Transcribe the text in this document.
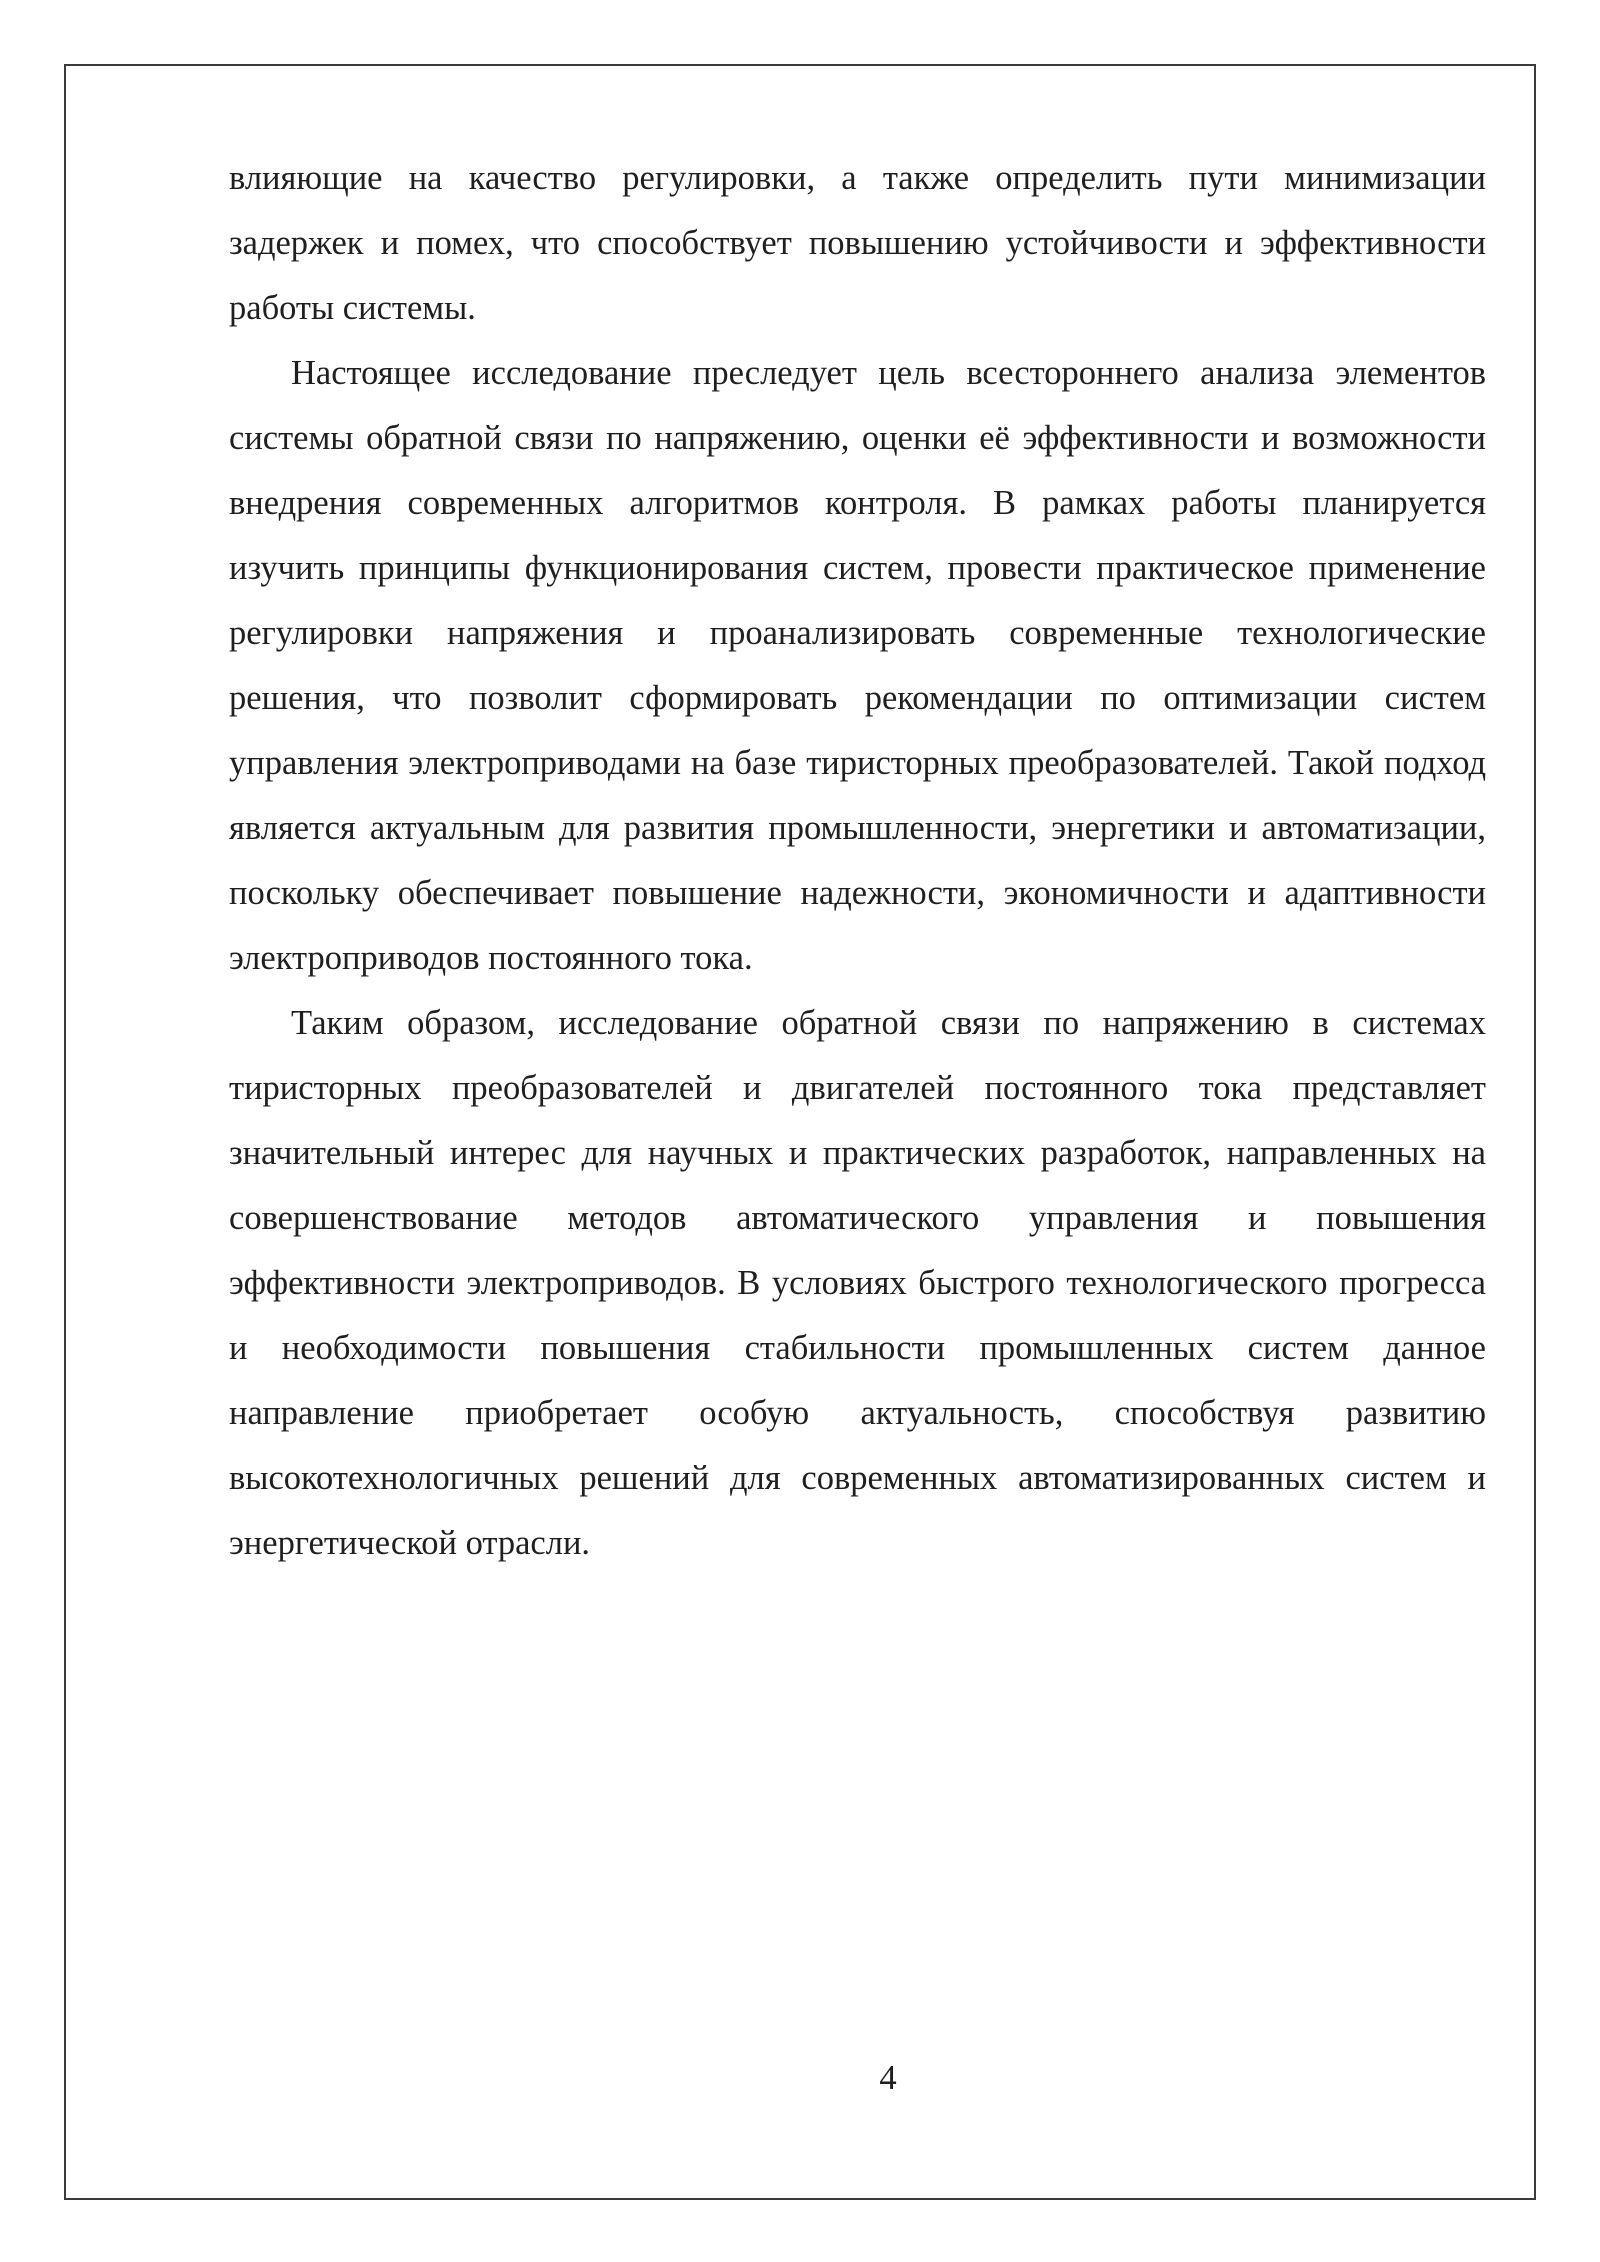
влияющие на качество регулировки, а также определить пути минимизации задержек и помех, что способствует повышению устойчивости и эффективности работы системы.

Настоящее исследование преследует цель всестороннего анализа элементов системы обратной связи по напряжению, оценки её эффективности и возможности внедрения современных алгоритмов контроля. В рамках работы планируется изучить принципы функционирования систем, провести практическое применение регулировки напряжения и проанализировать современные технологические решения, что позволит сформировать рекомендации по оптимизации систем управления электроприводами на базе тиристорных преобразователей. Такой подход является актуальным для развития промышленности, энергетики и автоматизации, поскольку обеспечивает повышение надежности, экономичности и адаптивности электроприводов постоянного тока.

Таким образом, исследование обратной связи по напряжению в системах тиристорных преобразователей и двигателей постоянного тока представляет значительный интерес для научных и практических разработок, направленных на совершенствование методов автоматического управления и повышения эффективности электроприводов. В условиях быстрого технологического прогресса и необходимости повышения стабильности промышленных систем данное направление приобретает особую актуальность, способствуя развитию высокотехнологичных решений для современных автоматизированных систем и энергетической отрасли.

4
